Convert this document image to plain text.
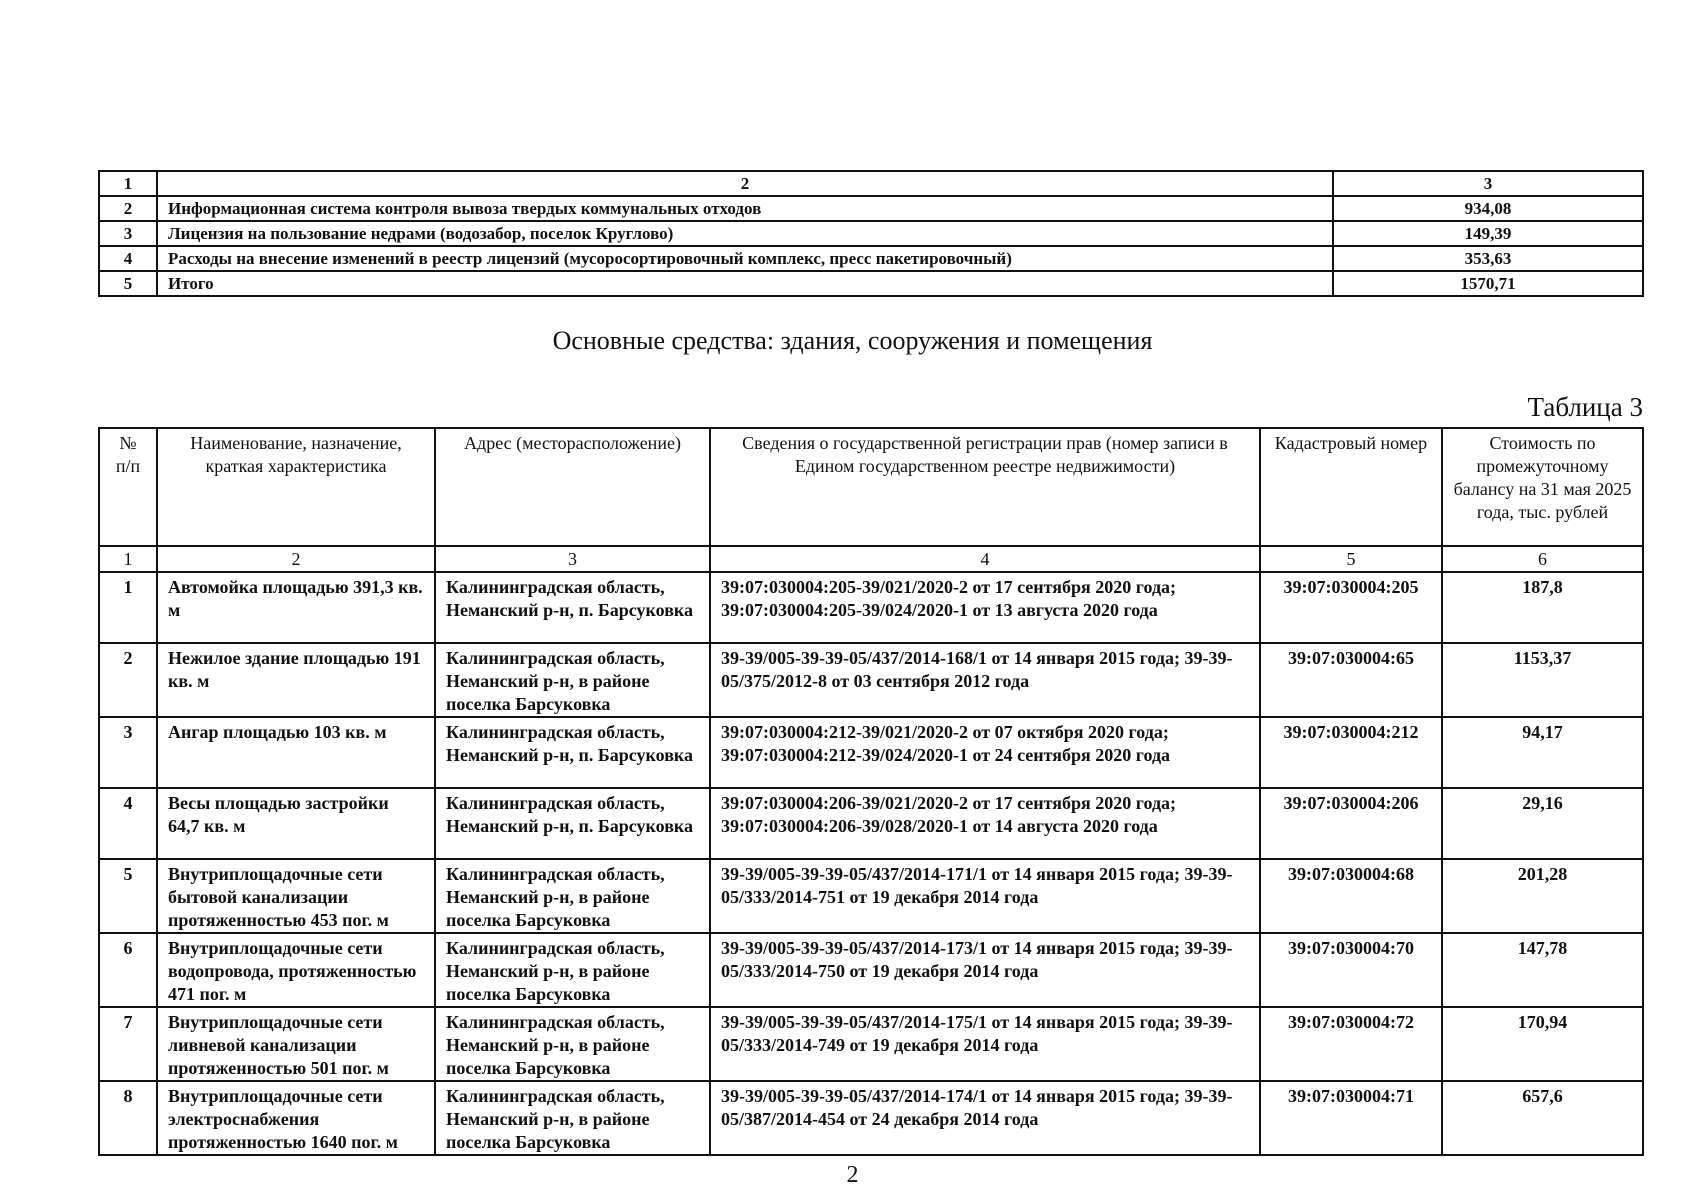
1	2	3
2	Информационная система контроля вывоза твердых коммунальных отходов	934,08
3	Лицензия на пользование недрами (водозабор, поселок Круглово)	149,39
4	Расходы на внесение изменений в реестр лицензий (мусоросортировочный комплекс, пресс пакетировочный)	353,63
5	Итого	1570,71
Основные средства: здания, сооружения и помещения
Таблица 3
№ п/п	Наименование, назначение, краткая характеристика	Адрес (месторасположение)	Сведения о государственной регистрации прав (номер записи в Едином государственном реестре недвижимости)	Кадастровый номер	Стоимость по промежуточному балансу на 31 мая 2025 года, тыс. рублей
1	2	3	4	5	6
1	Автомойка площадью 391,3 кв. м	Калининградская область, Неманский р-н, п. Барсуковка	39:07:030004:205-39/021/2020-2 от 17 сентября 2020 года; 39:07:030004:205-39/024/2020-1 от 13 августа 2020 года	39:07:030004:205	187,8
2	Нежилое здание площадью 191 кв. м	Калининградская область, Неманский р-н, в районе поселка Барсуковка	39-39/005-39-39-05/437/2014-168/1 от 14 января 2015 года; 39-39-05/375/2012-8 от 03 сентября 2012 года	39:07:030004:65	1153,37
3	Ангар площадью 103 кв. м	Калининградская область, Неманский р-н, п. Барсуковка	39:07:030004:212-39/021/2020-2 от 07 октября 2020 года; 39:07:030004:212-39/024/2020-1 от 24 сентября 2020 года	39:07:030004:212	94,17
4	Весы площадью застройки 64,7 кв. м	Калининградская область, Неманский р-н, п. Барсуковка	39:07:030004:206-39/021/2020-2 от 17 сентября 2020 года; 39:07:030004:206-39/028/2020-1 от 14 августа 2020 года	39:07:030004:206	29,16
5	Внутриплощадочные сети бытовой канализации протяженностью 453 пог. м	Калининградская область, Неманский р-н, в районе поселка Барсуковка	39-39/005-39-39-05/437/2014-171/1 от 14 января 2015 года; 39-39-05/333/2014-751 от 19 декабря 2014 года	39:07:030004:68	201,28
6	Внутриплощадочные сети водопровода, протяженностью 471 пог. м	Калининградская область, Неманский р-н, в районе поселка Барсуковка	39-39/005-39-39-05/437/2014-173/1 от 14 января 2015 года; 39-39-05/333/2014-750 от 19 декабря 2014 года	39:07:030004:70	147,78
7	Внутриплощадочные сети ливневой канализации протяженностью 501 пог. м	Калининградская область, Неманский р-н, в районе поселка Барсуковка	39-39/005-39-39-05/437/2014-175/1 от 14 января 2015 года; 39-39-05/333/2014-749 от 19 декабря 2014 года	39:07:030004:72	170,94
8	Внутриплощадочные сети электроснабжения протяженностью 1640 пог. м	Калининградская область, Неманский р-н, в районе поселка Барсуковка	39-39/005-39-39-05/437/2014-174/1 от 14 января 2015 года; 39-39-05/387/2014-454 от 24 декабря 2014 года	39:07:030004:71	657,6
2
